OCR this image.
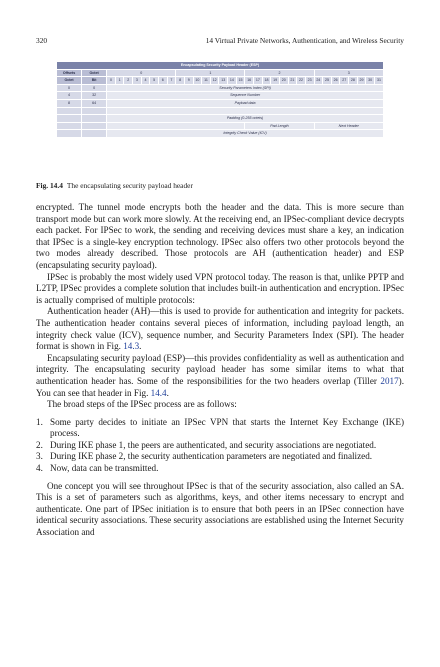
320	14 Virtual Private Networks, Authentication, and Wireless Security
Encapsulating Security Payload Header (ESP)																																	
Offsets	Octet	0								1								2								3							
Octet	Bit	0	1	2	3	4	5	6	7	8	9	10	11	12	13	14	15	16	17	18	19	20	21	22	23	24	25	26	27	28	29	30	31
0	0	Security Parameters Index (SPI)																															
4	32	Sequence Number																															
8	64	Payload data																															

		Padding (0-255 octets)																															
																		Pad Length								Next Header							
		Integrity Check Value (ICV)																															
Fig. 14.4 The encapsulating security payload header

encrypted. The tunnel mode encrypts both the header and the data. This is more secure than transport mode but can work more slowly. At the receiving end, an IPSec-compliant device decrypts each packet. For IPSec to work, the sending and receiving devices must share a key, an indication that IPSec is a single-key encryption technology. IPSec also offers two other protocols beyond the two modes already described. Those protocols are AH (authentication header) and ESP (encapsulating security payload).

IPSec is probably the most widely used VPN protocol today. The reason is that, unlike PPTP and L2TP, IPSec provides a complete solution that includes built-in authentication and encryption. IPSec is actually comprised of multiple protocols:

Authentication header (AH)—this is used to provide for authentication and integrity for packets. The authentication header contains several pieces of information, including payload length, an integrity check value (ICV), sequence number, and Security Parameters Index (SPI). The header format is shown in Fig. 14.3.

Encapsulating security payload (ESP)—this provides confidentiality as well as authentication and integrity. The encapsulating security payload header has some similar items to what that authentication header has. Some of the responsibilities for the two headers overlap (Tiller 2017). You can see that header in Fig. 14.4.

The broad steps of the IPSec process are as follows:

1. Some party decides to initiate an IPSec VPN that starts the Internet Key Exchange (IKE) process.
2. During IKE phase 1, the peers are authenticated, and security associations are negotiated.
3. During IKE phase 2, the security authentication parameters are negotiated and finalized.
4. Now, data can be transmitted.

One concept you will see throughout IPSec is that of the security association, also called an SA. This is a set of parameters such as algorithms, keys, and other items necessary to encrypt and authenticate. One part of IPSec initiation is to ensure that both peers in an IPSec connection have identical security associations. These security associations are established using the Internet Security Association and
